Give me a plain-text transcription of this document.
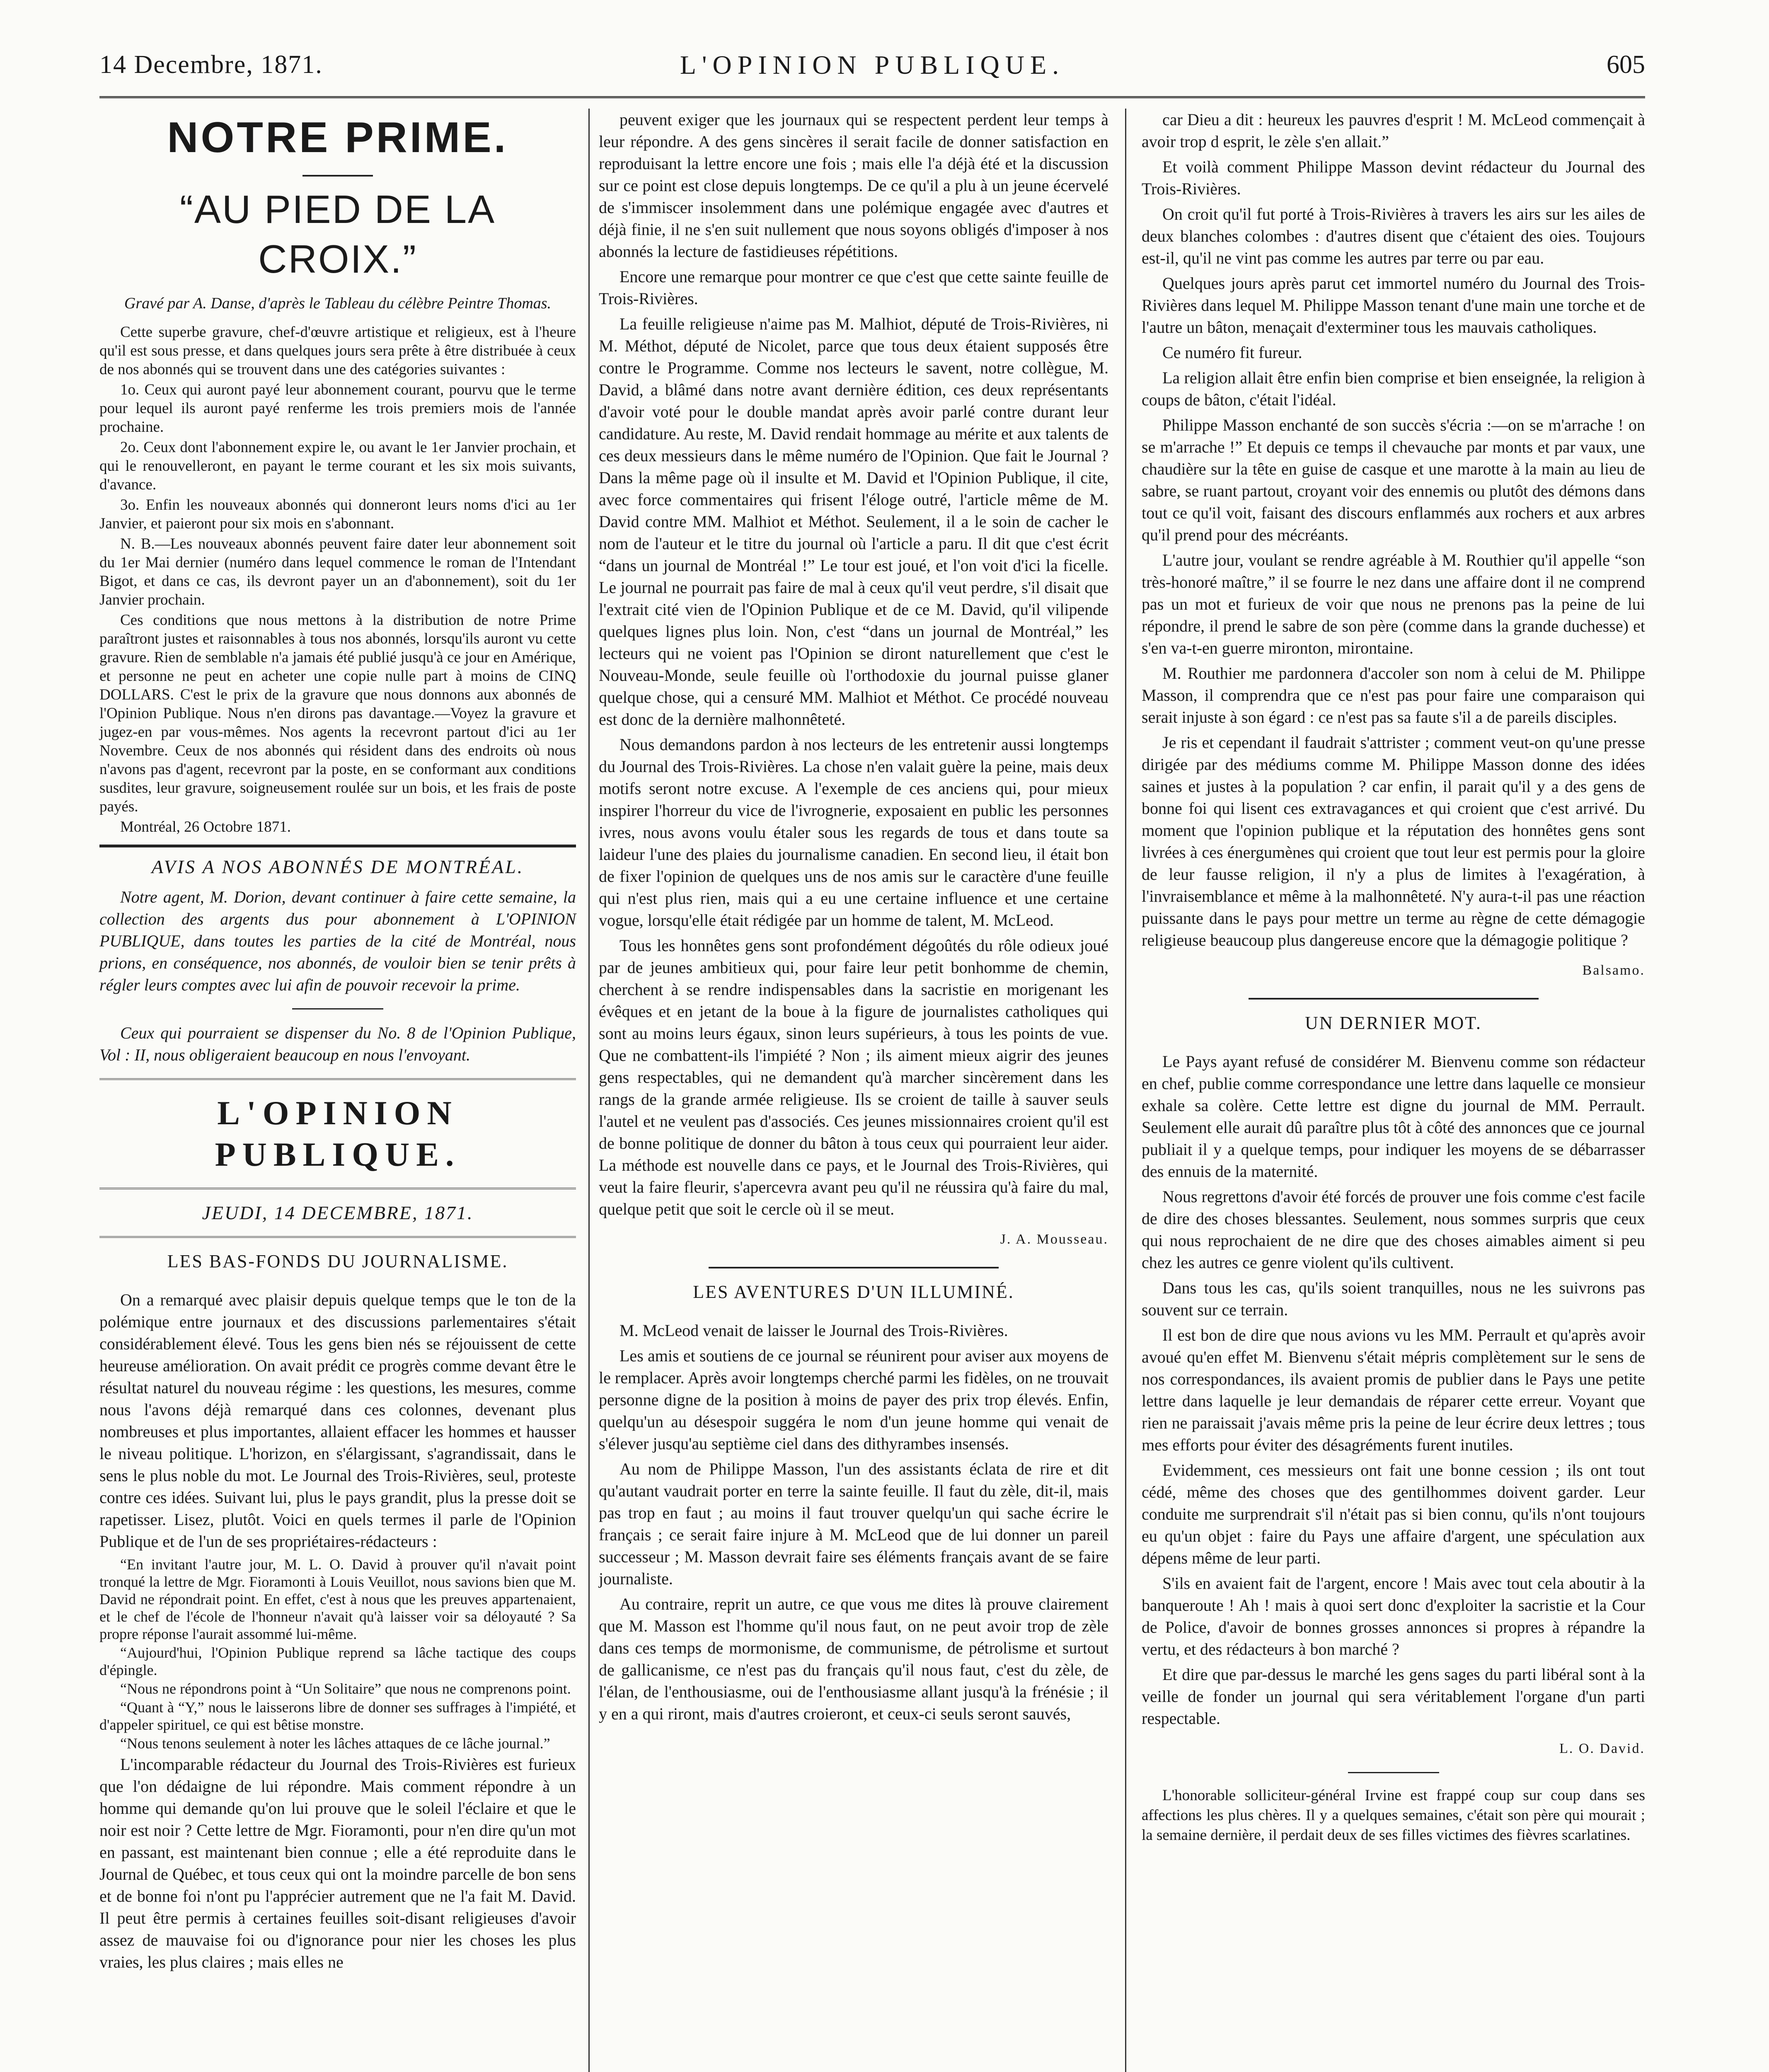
14 Decembre, 1871.	L'OPINION PUBLIQUE.	605
NOTRE PRIME.
“AU PIED DE LA CROIX.”
Gravé par A. Danse, d'après le Tableau du célèbre Peintre Thomas.

Cette superbe gravure, chef-d'œuvre artistique et religieux, est à l'heure qu'il est sous presse, et dans quelques jours sera prête à être distribuée à ceux de nos abonnés qui se trouvent dans une des catégories suivantes :

1o. Ceux qui auront payé leur abonnement courant, pourvu que le terme pour lequel ils auront payé renferme les trois premiers mois de l'année prochaine.

2o. Ceux dont l'abonnement expire le, ou avant le 1er Janvier prochain, et qui le renouvelleront, en payant le terme courant et les six mois suivants, d'avance.

3o. Enfin les nouveaux abonnés qui donneront leurs noms d'ici au 1er Janvier, et paieront pour six mois en s'abonnant.

N. B.—Les nouveaux abonnés peuvent faire dater leur abonnement soit du 1er Mai dernier (numéro dans lequel commence le roman de l'Intendant Bigot, et dans ce cas, ils devront payer un an d'abonnement), soit du 1er Janvier prochain.

Ces conditions que nous mettons à la distribution de notre Prime paraîtront justes et raisonnables à tous nos abonnés, lorsqu'ils auront vu cette gravure. Rien de semblable n'a jamais été publié jusqu'à ce jour en Amérique, et personne ne peut en acheter une copie nulle part à moins de CINQ DOLLARS. C'est le prix de la gravure que nous donnons aux abonnés de l'Opinion Publique. Nous n'en dirons pas davantage.—Voyez la gravure et jugez-en par vous-mêmes. Nos agents la recevront partout d'ici au 1er Novembre. Ceux de nos abonnés qui résident dans des endroits où nous n'avons pas d'agent, recevront par la poste, en se conformant aux conditions susdites, leur gravure, soigneusement roulée sur un bois, et les frais de poste payés.

Montréal, 26 Octobre 1871.

AVIS A NOS ABONNÉS DE MONTRÉAL.

Notre agent, M. Dorion, devant continuer à faire cette semaine, la collection des argents dus pour abonnement à L'OPINION PUBLIQUE, dans toutes les parties de la cité de Montréal, nous prions, en conséquence, nos abonnés, de vouloir bien se tenir prêts à régler leurs comptes avec lui afin de pouvoir recevoir la prime.

Ceux qui pourraient se dispenser du No. 8 de l'Opinion Publique, Vol : II, nous obligeraient beaucoup en nous l'envoyant.

L'OPINION PUBLIQUE.
JEUDI, 14 DECEMBRE, 1871.
LES BAS-FONDS DU JOURNALISME.

On a remarqué avec plaisir depuis quelque temps que le ton de la polémique entre journaux et des discussions parlementaires s'était considérablement élevé. Tous les gens bien nés se réjouissent de cette heureuse amélioration. On avait prédit ce progrès comme devant être le résultat naturel du nouveau régime : les questions, les mesures, comme nous l'avons déjà remarqué dans ces colonnes, devenant plus nombreuses et plus importantes, allaient effacer les hommes et hausser le niveau politique. L'horizon, en s'élargissant, s'agrandissait, dans le sens le plus noble du mot. Le Journal des Trois-Rivières, seul, proteste contre ces idées. Suivant lui, plus le pays grandit, plus la presse doit se rapetisser. Lisez, plutôt. Voici en quels termes il parle de l'Opinion Publique et de l'un de ses propriétaires-rédacteurs :

“En invitant l'autre jour, M. L. O. David à prouver qu'il n'avait point tronqué la lettre de Mgr. Fioramonti à Louis Veuillot, nous savions bien que M. David ne répondrait point. En effet, c'est à nous que les preuves appartenaient, et le chef de l'école de l'honneur n'avait qu'à laisser voir sa déloyauté ? Sa propre réponse l'aurait assommé lui-même.

“Aujourd'hui, l'Opinion Publique reprend sa lâche tactique des coups d'épingle.

“Nous ne répondrons point à “Un Solitaire” que nous ne comprenons point.

“Quant à “Y,” nous le laisserons libre de donner ses suffrages à l'impiété, et d'appeler spirituel, ce qui est bêtise monstre.

“Nous tenons seulement à noter les lâches attaques de ce lâche journal.”

L'incomparable rédacteur du Journal des Trois-Rivières est furieux que l'on dédaigne de lui répondre. Mais comment répondre à un homme qui demande qu'on lui prouve que le soleil l'éclaire et que le noir est noir ? Cette lettre de Mgr. Fioramonti, pour n'en dire qu'un mot en passant, est maintenant bien connue ; elle a été reproduite dans le Journal de Québec, et tous ceux qui ont la moindre parcelle de bon sens et de bonne foi n'ont pu l'apprécier autrement que ne l'a fait M. David. Il peut être permis à certaines feuilles soit-disant religieuses d'avoir assez de mauvaise foi ou d'ignorance pour nier les choses les plus vraies, les plus claires ; mais elles ne

peuvent exiger que les journaux qui se respectent perdent leur temps à leur répondre. A des gens sincères il serait facile de donner satisfaction en reproduisant la lettre encore une fois ; mais elle l'a déjà été et la discussion sur ce point est close depuis longtemps. De ce qu'il a plu à un jeune écervelé de s'immiscer insolemment dans une polémique engagée avec d'autres et déjà finie, il ne s'en suit nullement que nous soyons obligés d'imposer à nos abonnés la lecture de fastidieuses répétitions.

Encore une remarque pour montrer ce que c'est que cette sainte feuille de Trois-Rivières.

La feuille religieuse n'aime pas M. Malhiot, député de Trois-Rivières, ni M. Méthot, député de Nicolet, parce que tous deux étaient supposés être contre le Programme. Comme nos lecteurs le savent, notre collègue, M. David, a blâmé dans notre avant dernière édition, ces deux représentants d'avoir voté pour le double mandat après avoir parlé contre durant leur candidature. Au reste, M. David rendait hommage au mérite et aux talents de ces deux messieurs dans le même numéro de l'Opinion. Que fait le Journal ? Dans la même page où il insulte et M. David et l'Opinion Publique, il cite, avec force commentaires qui frisent l'éloge outré, l'article même de M. David contre MM. Malhiot et Méthot. Seulement, il a le soin de cacher le nom de l'auteur et le titre du journal où l'article a paru. Il dit que c'est écrit “dans un journal de Montréal !” Le tour est joué, et l'on voit d'ici la ficelle. Le journal ne pourrait pas faire de mal à ceux qu'il veut perdre, s'il disait que l'extrait cité vien de l'Opinion Publique et de ce M. David, qu'il vilipende quelques lignes plus loin. Non, c'est “dans un journal de Montréal,” les lecteurs qui ne voient pas l'Opinion se diront naturellement que c'est le Nouveau-Monde, seule feuille où l'orthodoxie du journal puisse glaner quelque chose, qui a censuré MM. Malhiot et Méthot. Ce procédé nouveau est donc de la dernière malhonnêteté.

Nous demandons pardon à nos lecteurs de les entretenir aussi longtemps du Journal des Trois-Rivières. La chose n'en valait guère la peine, mais deux motifs seront notre excuse. A l'exemple de ces anciens qui, pour mieux inspirer l'horreur du vice de l'ivrognerie, exposaient en public les personnes ivres, nous avons voulu étaler sous les regards de tous et dans toute sa laideur l'une des plaies du journalisme canadien. En second lieu, il était bon de fixer l'opinion de quelques uns de nos amis sur le caractère d'une feuille qui n'est plus rien, mais qui a eu une certaine influence et une certaine vogue, lorsqu'elle était rédigée par un homme de talent, M. McLeod.

Tous les honnêtes gens sont profondément dégoûtés du rôle odieux joué par de jeunes ambitieux qui, pour faire leur petit bonhomme de chemin, cherchent à se rendre indispensables dans la sacristie en morigenant les évêques et en jetant de la boue à la figure de journalistes catholiques qui sont au moins leurs égaux, sinon leurs supérieurs, à tous les points de vue. Que ne combattent-ils l'impiété ? Non ; ils aiment mieux aigrir des jeunes gens respectables, qui ne demandent qu'à marcher sincèrement dans les rangs de la grande armée religieuse. Ils se croient de taille à sauver seuls l'autel et ne veulent pas d'associés. Ces jeunes missionnaires croient qu'il est de bonne politique de donner du bâton à tous ceux qui pourraient leur aider. La méthode est nouvelle dans ce pays, et le Journal des Trois-Rivières, qui veut la faire fleurir, s'apercevra avant peu qu'il ne réussira qu'à faire du mal, quelque petit que soit le cercle où il se meut.

J. A. Mousseau.

LES AVENTURES D'UN ILLUMINÉ.

M. McLeod venait de laisser le Journal des Trois-Rivières.

Les amis et soutiens de ce journal se réunirent pour aviser aux moyens de le remplacer. Après avoir longtemps cherché parmi les fidèles, on ne trouvait personne digne de la position à moins de payer des prix trop élevés. Enfin, quelqu'un au désespoir suggéra le nom d'un jeune homme qui venait de s'élever jusqu'au septième ciel dans des dithyrambes insensés.

Au nom de Philippe Masson, l'un des assistants éclata de rire et dit qu'autant vaudrait porter en terre la sainte feuille. Il faut du zèle, dit-il, mais pas trop en faut ; au moins il faut trouver quelqu'un qui sache écrire le français ; ce serait faire injure à M. McLeod que de lui donner un pareil successeur ; M. Masson devrait faire ses éléments français avant de se faire journaliste.

Au contraire, reprit un autre, ce que vous me dites là prouve clairement que M. Masson est l'homme qu'il nous faut, on ne peut avoir trop de zèle dans ces temps de mormonisme, de communisme, de pétrolisme et surtout de gallicanisme, ce n'est pas du français qu'il nous faut, c'est du zèle, de l'élan, de l'enthousiasme, oui de l'enthousiasme allant jusqu'à la frénésie ; il y en a qui riront, mais d'autres croieront, et ceux-ci seuls seront sauvés,

car Dieu a dit : heureux les pauvres d'esprit ! M. McLeod commençait à avoir trop d esprit, le zèle s'en allait.”

Et voilà comment Philippe Masson devint rédacteur du Journal des Trois-Rivières.

On croit qu'il fut porté à Trois-Rivières à travers les airs sur les ailes de deux blanches colombes : d'autres disent que c'étaient des oies. Toujours est-il, qu'il ne vint pas comme les autres par terre ou par eau.

Quelques jours après parut cet immortel numéro du Journal des Trois-Rivières dans lequel M. Philippe Masson tenant d'une main une torche et de l'autre un bâton, menaçait d'exterminer tous les mauvais catholiques.

Ce numéro fit fureur.

La religion allait être enfin bien comprise et bien enseignée, la religion à coups de bâton, c'était l'idéal.

Philippe Masson enchanté de son succès s'écria :—on se m'arrache ! on se m'arrache !” Et depuis ce temps il chevauche par monts et par vaux, une chaudière sur la tête en guise de casque et une marotte à la main au lieu de sabre, se ruant partout, croyant voir des ennemis ou plutôt des démons dans tout ce qu'il voit, faisant des discours enflammés aux rochers et aux arbres qu'il prend pour des mécréants.

L'autre jour, voulant se rendre agréable à M. Routhier qu'il appelle “son très-honoré maître,” il se fourre le nez dans une affaire dont il ne comprend pas un mot et furieux de voir que nous ne prenons pas la peine de lui répondre, il prend le sabre de son père (comme dans la grande duchesse) et s'en va-t-en guerre mironton, mirontaine.

M. Routhier me pardonnera d'accoler son nom à celui de M. Philippe Masson, il comprendra que ce n'est pas pour faire une comparaison qui serait injuste à son égard : ce n'est pas sa faute s'il a de pareils disciples.

Je ris et cependant il faudrait s'attrister ; comment veut-on qu'une presse dirigée par des médiums comme M. Philippe Masson donne des idées saines et justes à la population ? car enfin, il parait qu'il y a des gens de bonne foi qui lisent ces extravagances et qui croient que c'est arrivé. Du moment que l'opinion publique et la réputation des honnêtes gens sont livrées à ces énergumènes qui croient que tout leur est permis pour la gloire de leur fausse religion, il n'y a plus de limites à l'exagération, à l'invraisemblance et même à la malhonnêteté. N'y aura-t-il pas une réaction puissante dans le pays pour mettre un terme au règne de cette démagogie religieuse beaucoup plus dangereuse encore que la démagogie politique ?

Balsamo.

UN DERNIER MOT.

Le Pays ayant refusé de considérer M. Bienvenu comme son rédacteur en chef, publie comme correspondance une lettre dans laquelle ce monsieur exhale sa colère. Cette lettre est digne du journal de MM. Perrault. Seulement elle aurait dû paraître plus tôt à côté des annonces que ce journal publiait il y a quelque temps, pour indiquer les moyens de se débarrasser des ennuis de la maternité.

Nous regrettons d'avoir été forcés de prouver une fois comme c'est facile de dire des choses blessantes. Seulement, nous sommes surpris que ceux qui nous reprochaient de ne dire que des choses aimables aiment si peu chez les autres ce genre violent qu'ils cultivent.

Dans tous les cas, qu'ils soient tranquilles, nous ne les suivrons pas souvent sur ce terrain.

Il est bon de dire que nous avions vu les MM. Perrault et qu'après avoir avoué qu'en effet M. Bienvenu s'était mépris complètement sur le sens de nos correspondances, ils avaient promis de publier dans le Pays une petite lettre dans laquelle je leur demandais de réparer cette erreur. Voyant que rien ne paraissait j'avais même pris la peine de leur écrire deux lettres ; tous mes efforts pour éviter des désagréments furent inutiles.

Evidemment, ces messieurs ont fait une bonne cession ; ils ont tout cédé, même des choses que des gentilhommes doivent garder. Leur conduite me surprendrait s'il n'était pas si bien connu, qu'ils n'ont toujours eu qu'un objet : faire du Pays une affaire d'argent, une spéculation aux dépens même de leur parti.

S'ils en avaient fait de l'argent, encore ! Mais avec tout cela aboutir à la banqueroute ! Ah ! mais à quoi sert donc d'exploiter la sacristie et la Cour de Police, d'avoir de bonnes grosses annonces si propres à répandre la vertu, et des rédacteurs à bon marché ?

Et dire que par-dessus le marché les gens sages du parti libéral sont à la veille de fonder un journal qui sera véritablement l'organe d'un parti respectable.

L. O. David.

L'honorable solliciteur-général Irvine est frappé coup sur coup dans ses affections les plus chères. Il y a quelques semaines, c'était son père qui mourait ; la semaine dernière, il perdait deux de ses filles victimes des fièvres scarlatines.
